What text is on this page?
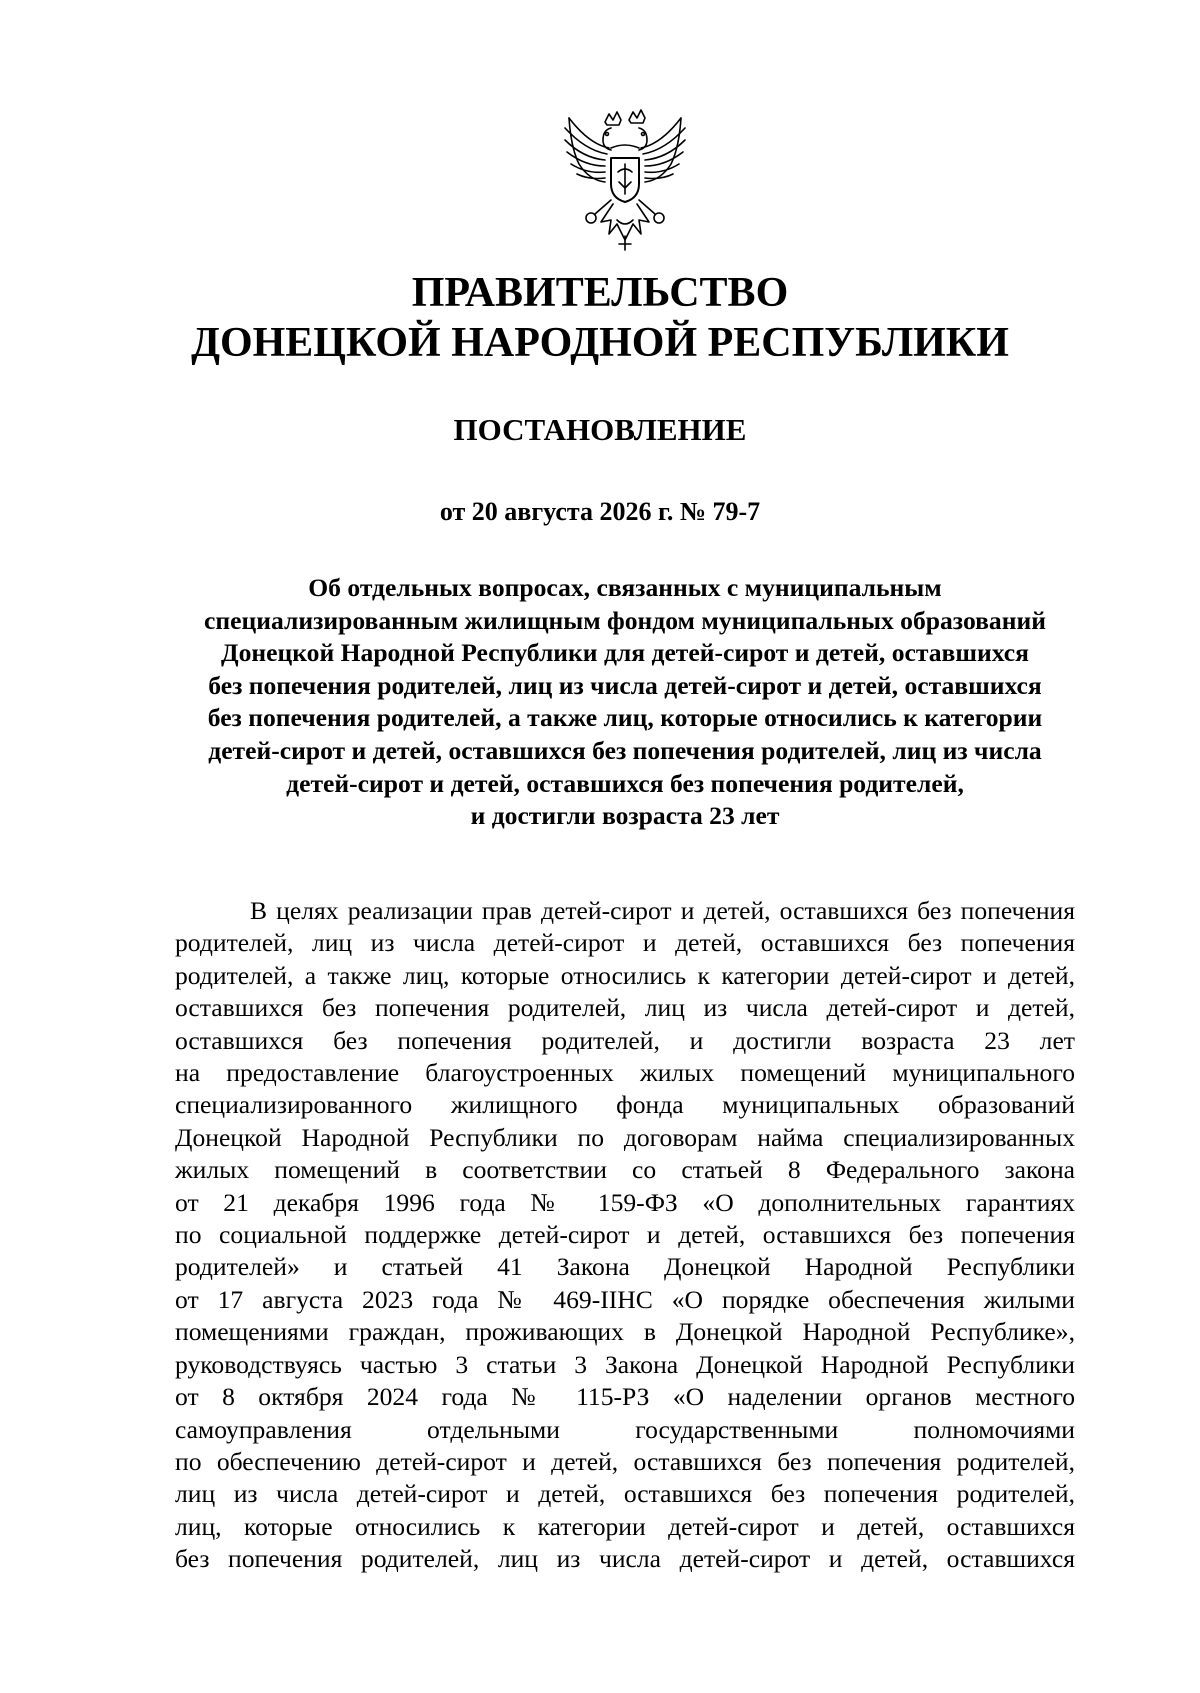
ПРАВИТЕЛЬСТВО
ДОНЕЦКОЙ НАРОДНОЙ РЕСПУБЛИКИ
ПОСТАНОВЛЕНИЕ
от 20 августа 2026 г. № 79-7
Об отдельных вопросах, связанных с муниципальным
специализированным жилищным фондом муниципальных образований
Донецкой Народной Республики для детей-сирот и детей, оставшихся
без попечения родителей, лиц из числа детей-сирот и детей, оставшихся
без попечения родителей, а также лиц, которые относились к категории
детей-сирот и детей, оставшихся без попечения родителей, лиц из числа
детей-сирот и детей, оставшихся без попечения родителей,
и достигли возраста 23 лет
В целях реализации прав детей-сирот и детей, оставшихся без попечения
родителей, лиц из числа детей-сирот и детей, оставшихся без попечения
родителей, а также лиц, которые относились к категории детей-сирот и детей,
оставшихся без попечения родителей, лиц из числа детей-сирот и детей,
оставшихся без попечения родителей, и достигли возраста 23 лет
на предоставление благоустроенных жилых помещений муниципального
специализированного жилищного фонда муниципальных образований
Донецкой Народной Республики по договорам найма специализированных
жилых помещений в соответствии со статьей 8 Федерального закона
от 21 декабря 1996 года № 159-ФЗ «О дополнительных гарантиях
по социальной поддержке детей-сирот и детей, оставшихся без попечения
родителей» и статьей 41 Закона Донецкой Народной Республики
от 17 августа 2023 года № 469-IIНС «О порядке обеспечения жилыми
помещениями граждан, проживающих в Донецкой Народной Республике»,
руководствуясь частью 3 статьи 3 Закона Донецкой Народной Республики
от 8 октября 2024 года № 115-РЗ «О наделении органов местного
самоуправления отдельными государственными полномочиями
по обеспечению детей-сирот и детей, оставшихся без попечения родителей,
лиц из числа детей-сирот и детей, оставшихся без попечения родителей,
лиц, которые относились к категории детей-сирот и детей, оставшихся
без попечения родителей, лиц из числа детей-сирот и детей, оставшихся
